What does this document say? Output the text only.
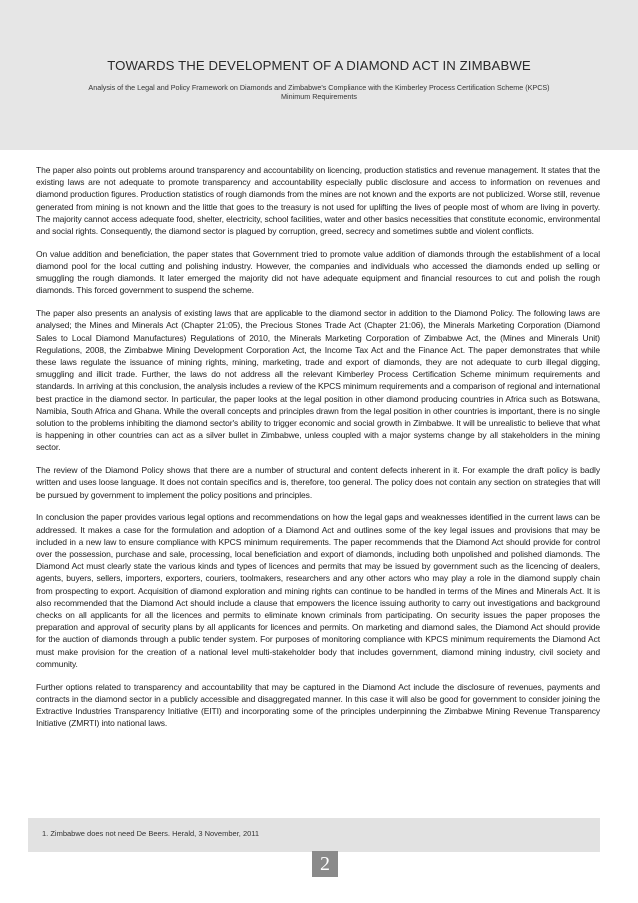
TOWARDS THE DEVELOPMENT OF A DIAMOND ACT IN ZIMBABWE
Analysis of the Legal and Policy Framework on Diamonds and Zimbabwe's Compliance with the Kimberley Process Certification Scheme (KPCS) Minimum Requirements

The paper also points out problems around transparency and accountability on licencing, production statistics and revenue management. It states that the existing laws are not adequate to promote transparency and accountability especially public disclosure and access to information on revenues and diamond production figures. Production statistics of rough diamonds from the mines are not known and the exports are not publicized. Worse still, revenue generated from mining is not known and the little that goes to the treasury is not used for uplifting the lives of people most of whom are living in poverty. The majority cannot access adequate food, shelter, electricity, school facilities, water and other basics necessities that constitute economic, environmental and social rights. Consequently, the diamond sector is plagued by corruption, greed, secrecy and sometimes subtle and violent conflicts.

On value addition and beneficiation, the paper states that Government tried to promote value addition of diamonds through the establishment of a local diamond pool for the local cutting and polishing industry. However, the companies and individuals who accessed the diamonds ended up selling or smuggling the rough diamonds. It later emerged the majority did not have adequate equipment and financial resources to cut and polish the rough diamonds. This forced government to suspend the scheme.

The paper also presents an analysis of existing laws that are applicable to the diamond sector in addition to the Diamond Policy. The following laws are analysed; the Mines and Minerals Act (Chapter 21:05), the Precious Stones Trade Act (Chapter 21:06), the Minerals Marketing Corporation (Diamond Sales to Local Diamond Manufactures) Regulations of 2010, the Minerals Marketing Corporation of Zimbabwe Act, the (Mines and Minerals Unit) Regulations, 2008, the Zimbabwe Mining Development Corporation Act, the Income Tax Act and the Finance Act. The paper demonstrates that while these laws regulate the issuance of mining rights, mining, marketing, trade and export of diamonds, they are not adequate to curb illegal digging, smuggling and illicit trade. Further, the laws do not address all the relevant Kimberley Process Certification Scheme minimum requirements and standards. In arriving at this conclusion, the analysis includes a review of the KPCS minimum requirements and a comparison of regional and international best practice in the diamond sector. In particular, the paper looks at the legal position in other diamond producing countries in Africa such as Botswana, Namibia, South Africa and Ghana. While the overall concepts and principles drawn from the legal position in other countries is important, there is no single solution to the problems inhibiting the diamond sector's ability to trigger economic and social growth in Zimbabwe. It will be unrealistic to believe that what is happening in other countries can act as a silver bullet in Zimbabwe, unless coupled with a major systems change by all stakeholders in the mining sector.

The review of the Diamond Policy shows that there are a number of structural and content defects inherent in it. For example the draft policy is badly written and uses loose language. It does not contain specifics and is, therefore, too general. The policy does not contain any section on strategies that will be pursued by government to implement the policy positions and principles.

In conclusion the paper provides various legal options and recommendations on how the legal gaps and weaknesses identified in the current laws can be addressed. It makes a case for the formulation and adoption of a Diamond Act and outlines some of the key legal issues and provisions that may be included in a new law to ensure compliance with KPCS minimum requirements. The paper recommends that the Diamond Act should provide for control over the possession, purchase and sale, processing, local beneficiation and export of diamonds, including both unpolished and polished diamonds. The Diamond Act must clearly state the various kinds and types of licences and permits that may be issued by government such as the licencing of dealers, agents, buyers, sellers, importers, exporters, couriers, toolmakers, researchers and any other actors who may play a role in the diamond supply chain from prospecting to export. Acquisition of diamond exploration and mining rights can continue to be handled in terms of the Mines and Minerals Act. It is also recommended that the Diamond Act should include a clause that empowers the licence issuing authority to carry out investigations and background checks on all applicants for all the licences and permits to eliminate known criminals from participating. On security issues the paper proposes the preparation and approval of security plans by all applicants for licences and permits. On marketing and diamond sales, the Diamond Act should provide for the auction of diamonds through a public tender system. For purposes of monitoring compliance with KPCS minimum requirements the Diamond Act must make provision for the creation of a national level multi-stakeholder body that includes government, diamond mining industry, civil society and community.

Further options related to transparency and accountability that may be captured in the Diamond Act include the disclosure of revenues, payments and contracts in the diamond sector in a publicly accessible and disaggregated manner. In this case it will also be good for government to consider joining the Extractive Industries Transparency Initiative (EITI) and incorporating some of the principles underpinning the Zimbabwe Mining Revenue Transparency Initiative (ZMRTI) into national laws.

1. Zimbabwe does not need De Beers. Herald, 3 November, 2011
2
